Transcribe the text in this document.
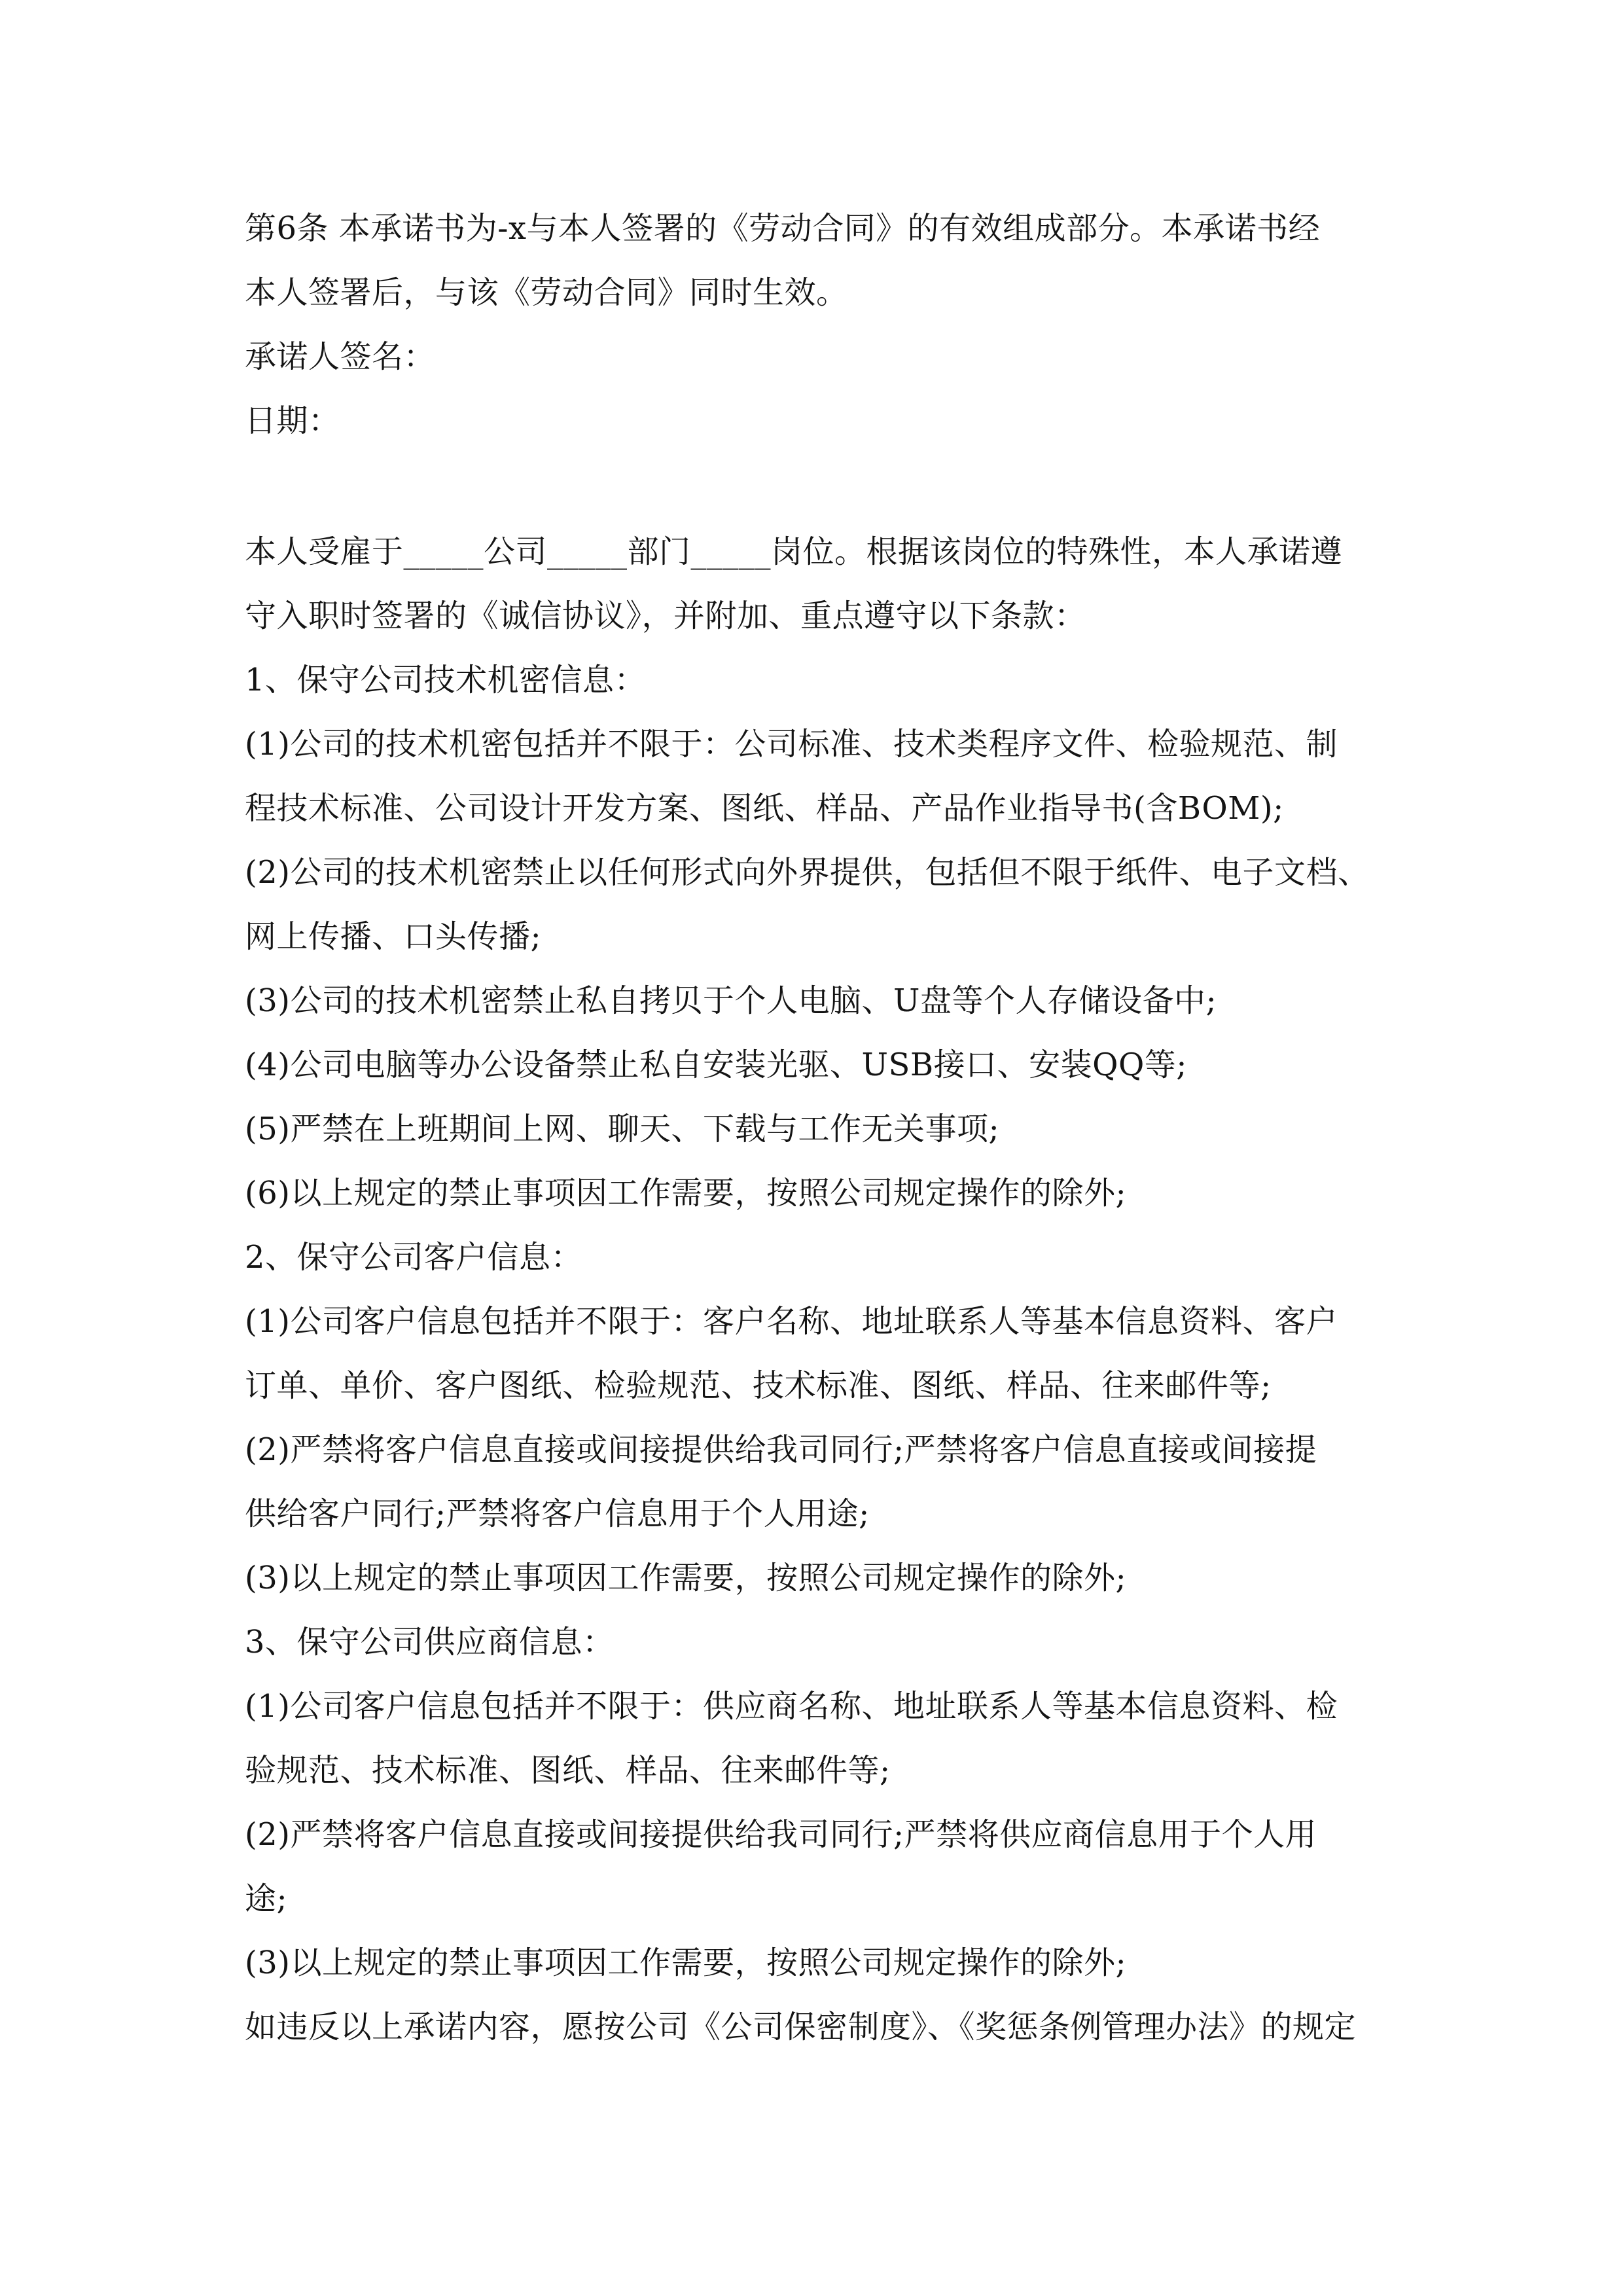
第6条 本承诺书为-x与本人签署的《劳动合同》的有效组成部分。本承诺书经
本人签署后，与该《劳动合同》同时生效。
承诺人签名：
日期：
本人受雇于_____公司_____部门_____岗位。根据该岗位的特殊性，本人承诺遵
守入职时签署的《诚信协议》，并附加、重点遵守以下条款：
1、保守公司技术机密信息：
(1)公司的技术机密包括并不限于：公司标准、技术类程序文件、检验规范、制
程技术标准、公司设计开发方案、图纸、样品、产品作业指导书(含BOM);
(2)公司的技术机密禁止以任何形式向外界提供，包括但不限于纸件、电子文档、
网上传播、口头传播;
(3)公司的技术机密禁止私自拷贝于个人电脑、U盘等个人存储设备中;
(4)公司电脑等办公设备禁止私自安装光驱、USB接口、安装QQ等;
(5)严禁在上班期间上网、聊天、下载与工作无关事项;
(6)以上规定的禁止事项因工作需要，按照公司规定操作的除外;
2、保守公司客户信息：
(1)公司客户信息包括并不限于：客户名称、地址联系人等基本信息资料、客户
订单、单价、客户图纸、检验规范、技术标准、图纸、样品、往来邮件等;
(2)严禁将客户信息直接或间接提供给我司同行;严禁将客户信息直接或间接提
供给客户同行;严禁将客户信息用于个人用途;
(3)以上规定的禁止事项因工作需要，按照公司规定操作的除外;
3、保守公司供应商信息：
(1)公司客户信息包括并不限于：供应商名称、地址联系人等基本信息资料、检
验规范、技术标准、图纸、样品、往来邮件等;
(2)严禁将客户信息直接或间接提供给我司同行;严禁将供应商信息用于个人用
途;
(3)以上规定的禁止事项因工作需要，按照公司规定操作的除外;
如违反以上承诺内容，愿按公司《公司保密制度》、《奖惩条例管理办法》的规定
